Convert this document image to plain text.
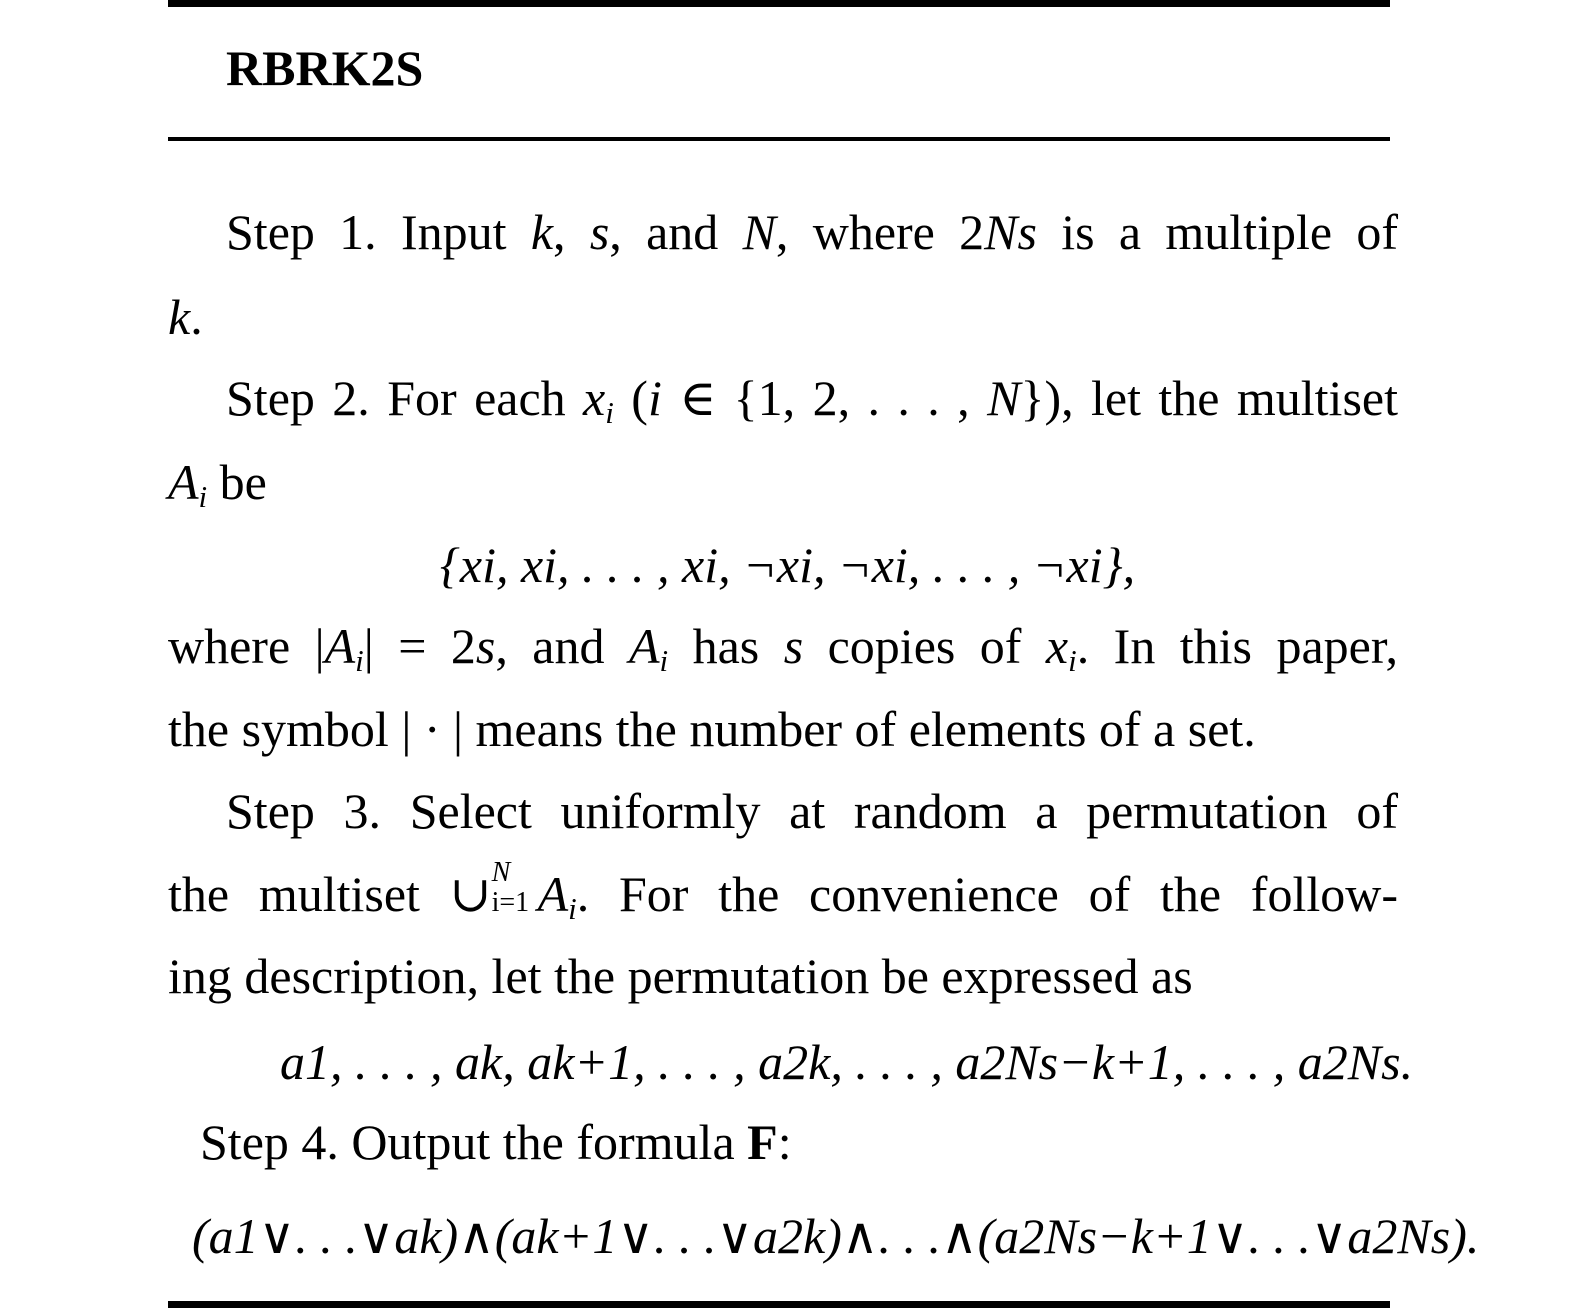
RBRK2S
Step 1. Input k, s, and N, where 2Ns is a multiple of
k.
Step 2. For each $x_i$ (i ∈ {1, 2, . . . , N}), let the multiset
$A_i$ be
{xi, xi, . . . , xi, ¬xi, ¬xi, . . . , ¬xi},
where $|A_i| = 2s$, and $A_i$ has s copies of $x_i$. In this paper,
the symbol | · | means the number of elements of a set.
Step 3. Select uniformly at random a permutation of
the multiset ∪ N
i=1 $A_i$. For the convenience of the follow-
ing description, let the permutation be expressed as
a1, . . . , ak, ak+1, . . . , a2k, . . . , a2Ns−k+1, . . . , a2Ns.
Step 4. Output the formula F:
(a1∨. . .∨ak)∧(ak+1∨. . .∨a2k)∧. . .∧(a2Ns−k+1∨. . .∨a2Ns).
